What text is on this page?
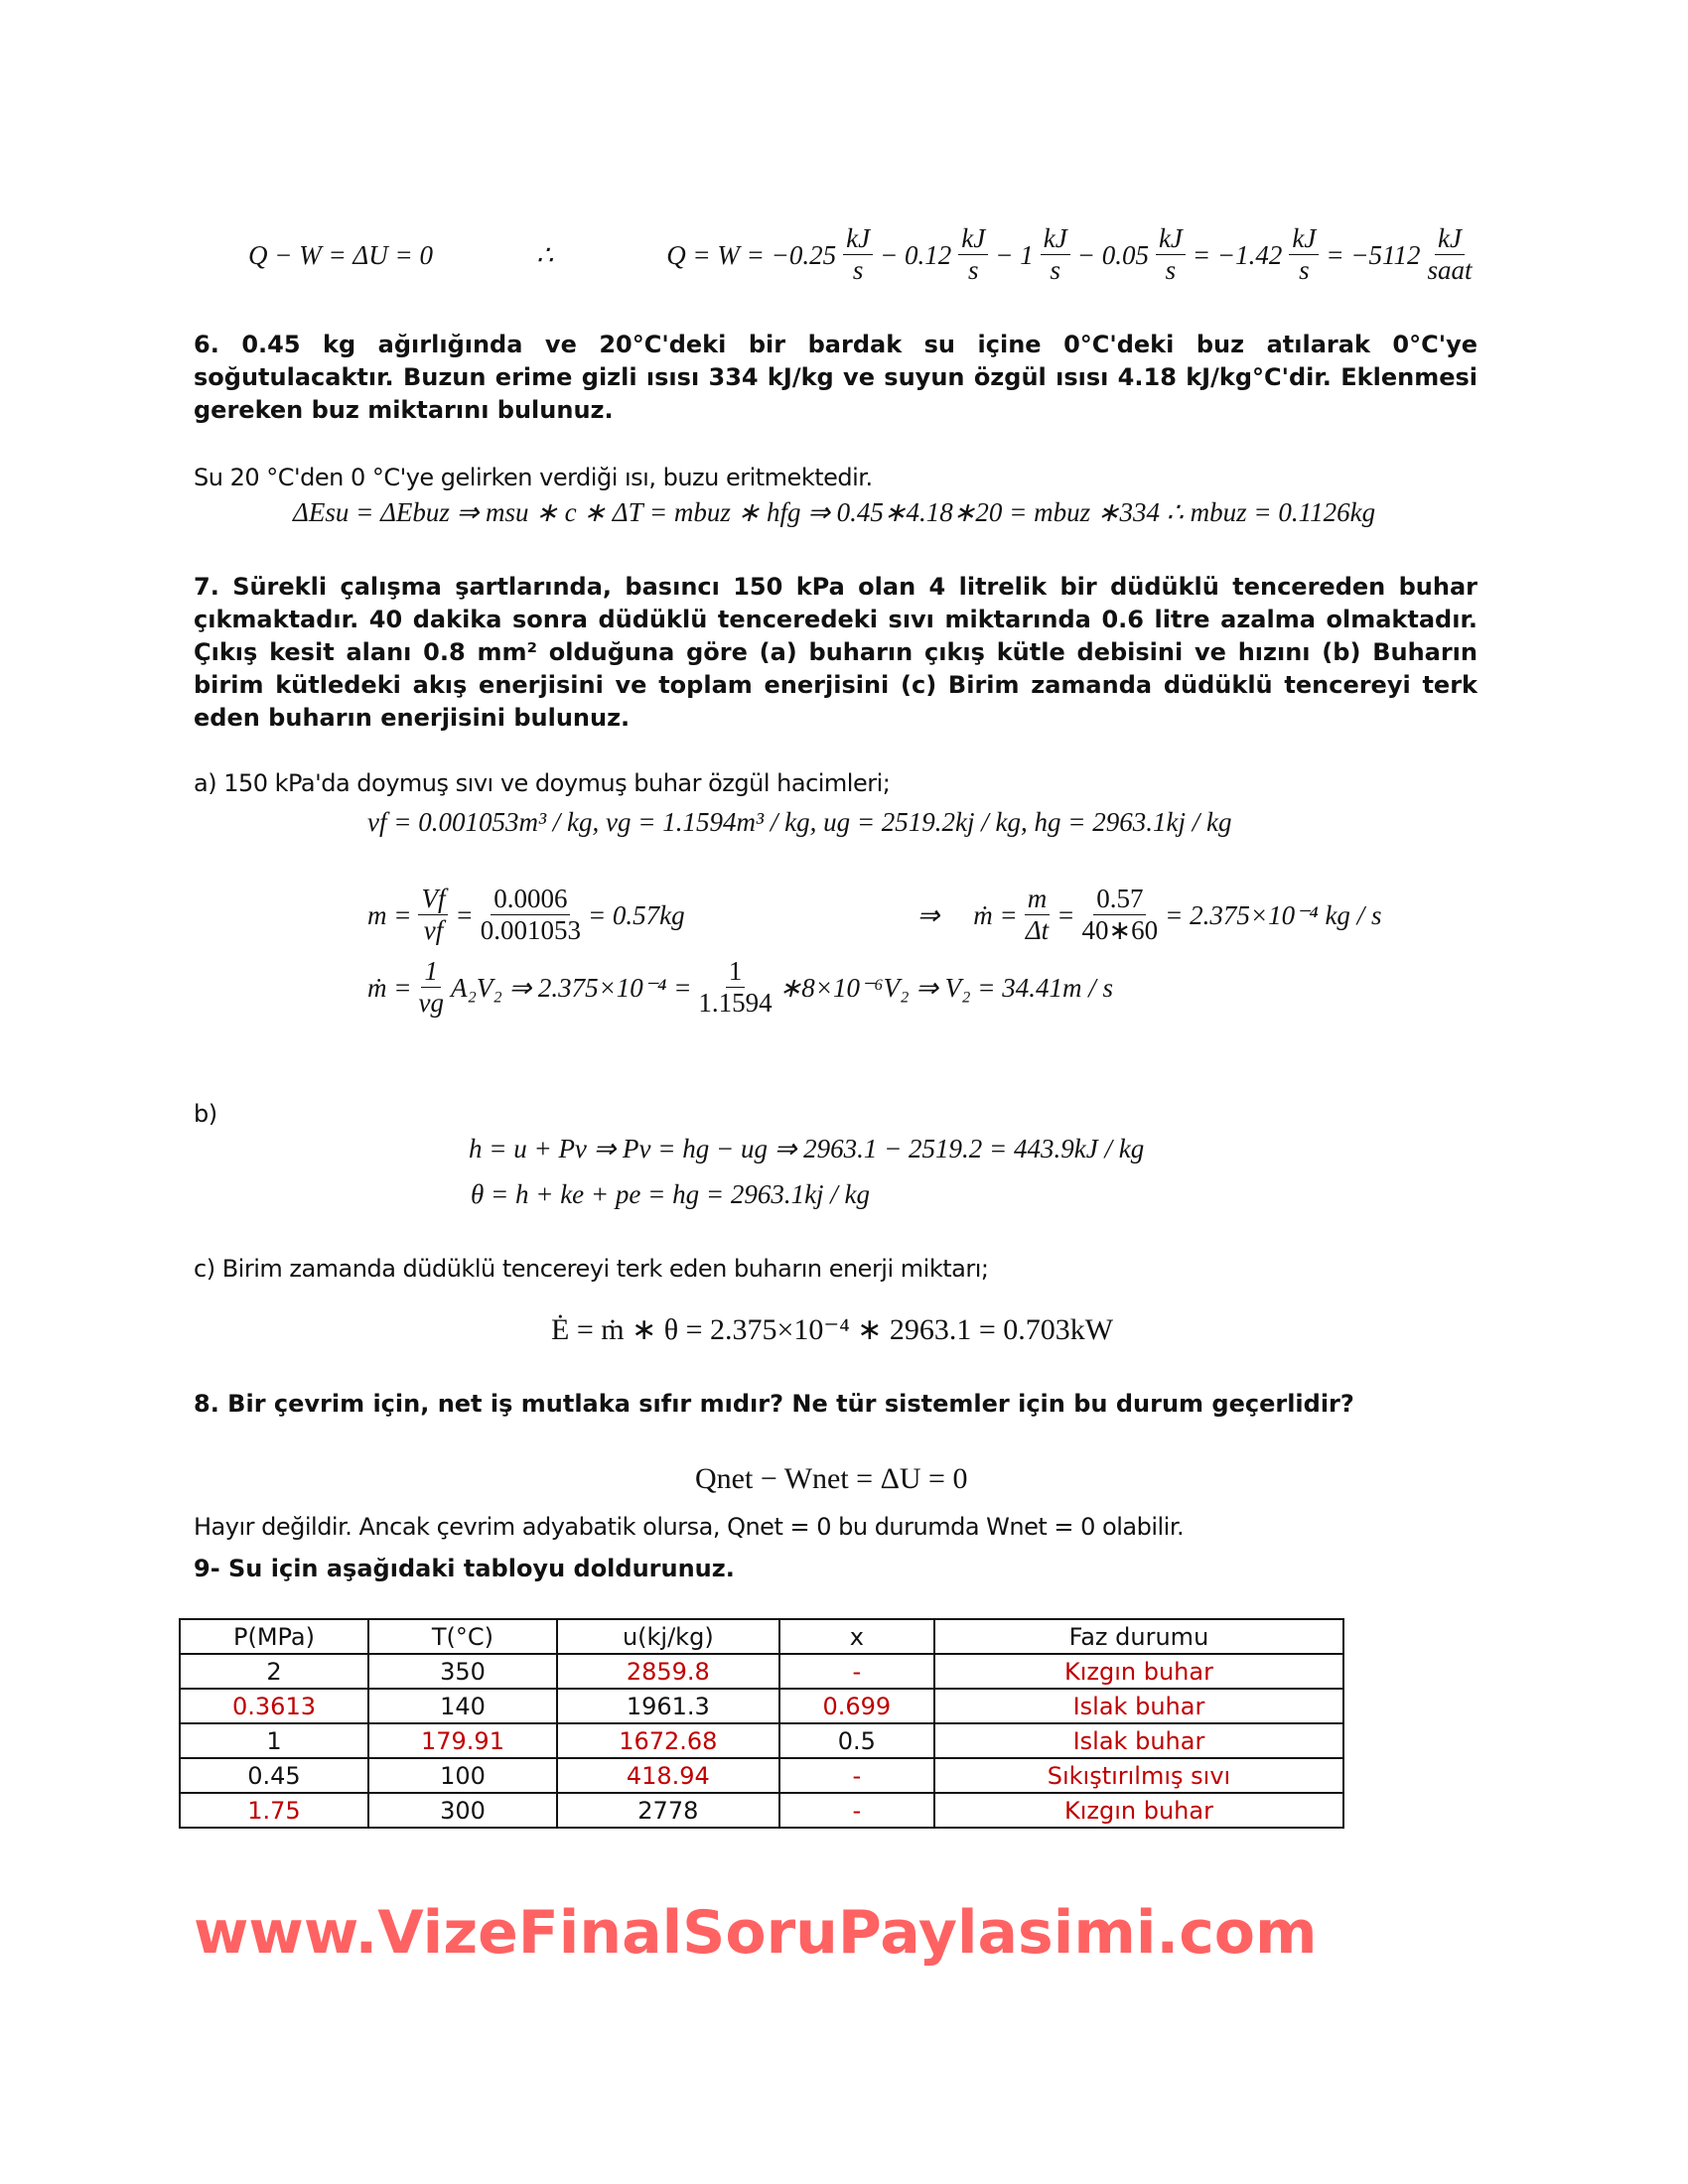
Q − W = ΔU = 0	∴	Q = W = −0.25
kJ
s
− 0.12
kJ
s
− 1
kJ
s
− $0.05 \frac{kJ}{s} = -1.42 \frac{kJ}{s} = -5112$
kJ
saat
6. 0.45 kg ağırlığında ve 20°C'deki bir bardak su içine 0°C'deki buz atılarak 0°C'ye soğutulacaktır. Buzun erime gizli ısısı 334 kJ/kg ve suyun özgül ısısı 4.18 kJ/kg°C'dir. Eklenmesi gereken buz miktarını bulunuz.
Su 20 °C'den 0 °C'ye gelirken verdiği ısı, buzu eritmektedir.
ΔEsu = ΔEbuz ⇒ msu ∗ c ∗ ΔT = mbuz ∗ hfg ⇒ 0.45∗4.18∗20 = mbuz ∗334 ∴ mbuz = 0.1126kg
7. Sürekli çalışma şartlarında, basıncı 150 kPa olan 4 litrelik bir düdüklü tencereden buhar çıkmaktadır. 40 dakika sonra düdüklü tenceredeki sıvı miktarında 0.6 litre azalma olmaktadır. Çıkış kesit alanı 0.8 mm² olduğuna göre (a) buharın çıkış kütle debisini ve hızını (b) Buharın birim kütledeki akış enerjisini ve toplam enerjisini (c) Birim zamanda düdüklü tencereyi terk eden buharın enerjisini bulunuz.
a) 150 kPa'da doymuş sıvı ve doymuş buhar özgül hacimleri;
vf = 0.001053m³ / kg, vg = 1.1594m³ / kg, ug = 2519.2kj / kg, hg = 2963.1kj / kg
$m = \frac{Vf}{vf} = \frac{0.0006}{0.001053} = 0.57kg$	⇒ ṁ = $\frac{m}{\Delta t} = \frac{0.57}{40∗60} = 2.375\times 10^{-4}$ kg / s
ṁ = $\frac{1}{vg} A_2V_2$ ⇒ $2.375\times 10^{-4} = \frac{1}{1.1594}$ ∗8×10⁻⁶V₂ ⇒ V₂ = 34.41m / s
b)
h = u + Pv ⇒ Pv = hg − ug ⇒ 2963.1 − 2519.2 = 443.9kJ / kg
θ = h + ke + pe = hg = 2963.1kj / kg
c) Birim zamanda düdüklü tencereyi terk eden buharın enerji miktarı;
Ė = ṁ ∗ θ = 2.375×10⁻⁴ ∗ 2963.1 = 0.703kW
8. Bir çevrim için, net iş mutlaka sıfır mıdır? Ne tür sistemler için bu durum geçerlidir?
Qnet − Wnet = ΔU = 0
Hayır değildir. Ancak çevrim adyabatik olursa, Qnet = 0 bu durumda Wnet = 0 olabilir.
9- Su için aşağıdaki tabloyu doldurunuz.
P(MPa)	T(°C)	u(kj/kg)	x	Faz durumu
2	350	2859.8	-	Kızgın buhar
0.3613	140	1961.3	0.699	Islak buhar
1	179.91	1672.68	0.5	Islak buhar
0.45	100	418.94	-	Sıkıştırılmış sıvı
1.75	300	2778	-	Kızgın buhar
www.VizeFinalSoruPaylasimi.com
